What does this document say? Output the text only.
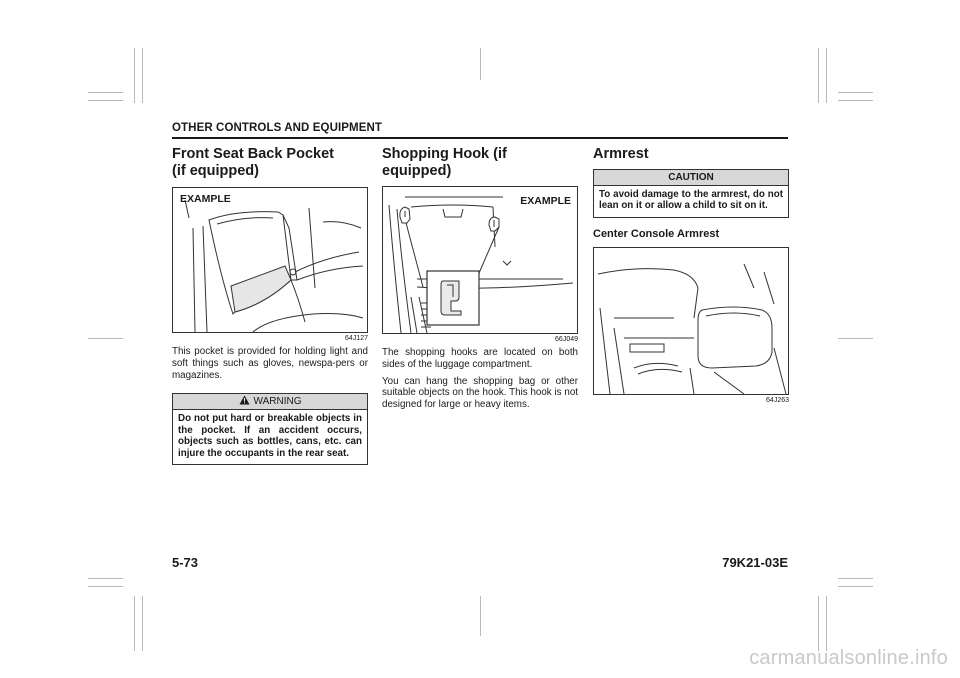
OTHER CONTROLS AND EQUIPMENT
Front Seat Back Pocket
(if equipped)
EXAMPLE
64J127

This pocket is provided for holding light and soft things such as gloves, newspa-pers or magazines.

WARNING
Do not put hard or breakable objects in the pocket. If an accident occurs, objects such as bottles, cans, etc. can injure the occupants in the rear seat.
Shopping Hook (if equipped)
EXAMPLE
66J049

The shopping hooks are located on both sides of the luggage compartment.

You can hang the shopping bag or other suitable objects on the hook. This hook is not designed for large or heavy items.

Armrest
CAUTION
To avoid damage to the armrest, do not lean on it or allow a child to sit on it.
Center Console Armrest
64J263
5-73	79K21-03E
carmanualsonline.info
